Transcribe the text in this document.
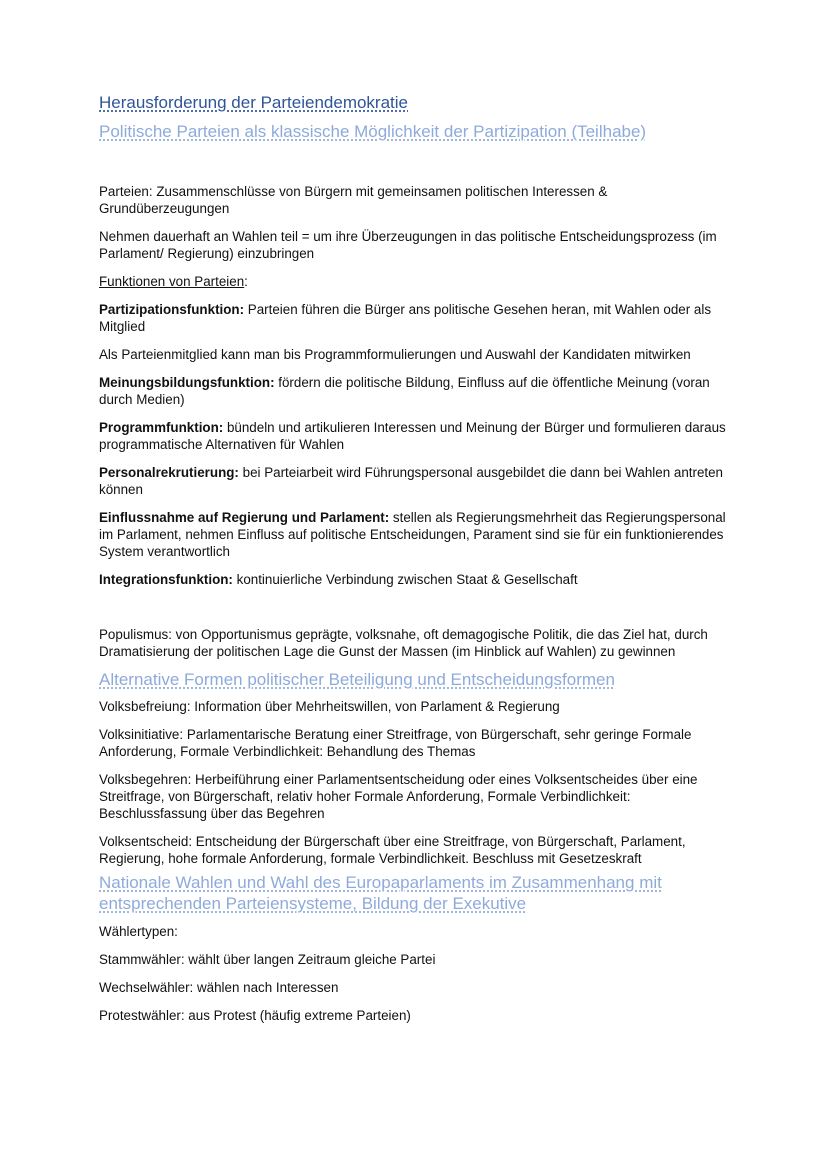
Herausforderung der Parteiendemokratie
Politische Parteien als klassische Möglichkeit der Partizipation (Teilhabe)

Parteien: Zusammenschlüsse von Bürgern mit gemeinsamen politischen Interessen & Grundüberzeugungen

Nehmen dauerhaft an Wahlen teil = um ihre Überzeugungen in das politische Entscheidungsprozess (im Parlament/ Regierung) einzubringen

Funktionen von Parteien:

Partizipationsfunktion: Parteien führen die Bürger ans politische Gesehen heran, mit Wahlen oder als Mitglied

Als Parteienmitglied kann man bis Programmformulierungen und Auswahl der Kandidaten mitwirken

Meinungsbildungsfunktion: fördern die politische Bildung, Einfluss auf die öffentliche Meinung (voran durch Medien)

Programmfunktion: bündeln und artikulieren Interessen und Meinung der Bürger und formulieren daraus programmatische Alternativen für Wahlen

Personalrekrutierung: bei Parteiarbeit wird Führungspersonal ausgebildet die dann bei Wahlen antreten können

Einflussnahme auf Regierung und Parlament: stellen als Regierungsmehrheit das Regierungspersonal im Parlament, nehmen Einfluss auf politische Entscheidungen, Parament sind sie für ein funktionierendes System verantwortlich

Integrationsfunktion: kontinuierliche Verbindung zwischen Staat & Gesellschaft

Populismus: von Opportunismus geprägte, volksnahe, oft demagogische Politik, die das Ziel hat, durch Dramatisierung der politischen Lage die Gunst der Massen (im Hinblick auf Wahlen) zu gewinnen

Alternative Formen politischer Beteiligung und Entscheidungsformen

Volksbefreiung: Information über Mehrheitswillen, von Parlament & Regierung

Volksinitiative: Parlamentarische Beratung einer Streitfrage, von Bürgerschaft, sehr geringe Formale Anforderung, Formale Verbindlichkeit: Behandlung des Themas

Volksbegehren: Herbeiführung einer Parlamentsentscheidung oder eines Volksentscheides über eine Streitfrage, von Bürgerschaft, relativ hoher Formale Anforderung, Formale Verbindlichkeit: Beschlussfassung über das Begehren

Volksentscheid: Entscheidung der Bürgerschaft über eine Streitfrage, von Bürgerschaft, Parlament, Regierung, hohe formale Anforderung, formale Verbindlichkeit. Beschluss mit Gesetzeskraft

Nationale Wahlen und Wahl des Europaparlaments im Zusammenhang mit entsprechenden Parteiensysteme, Bildung der Exekutive

Wählertypen:

Stammwähler: wählt über langen Zeitraum gleiche Partei

Wechselwähler: wählen nach Interessen

Protestwähler: aus Protest (häufig extreme Parteien)
